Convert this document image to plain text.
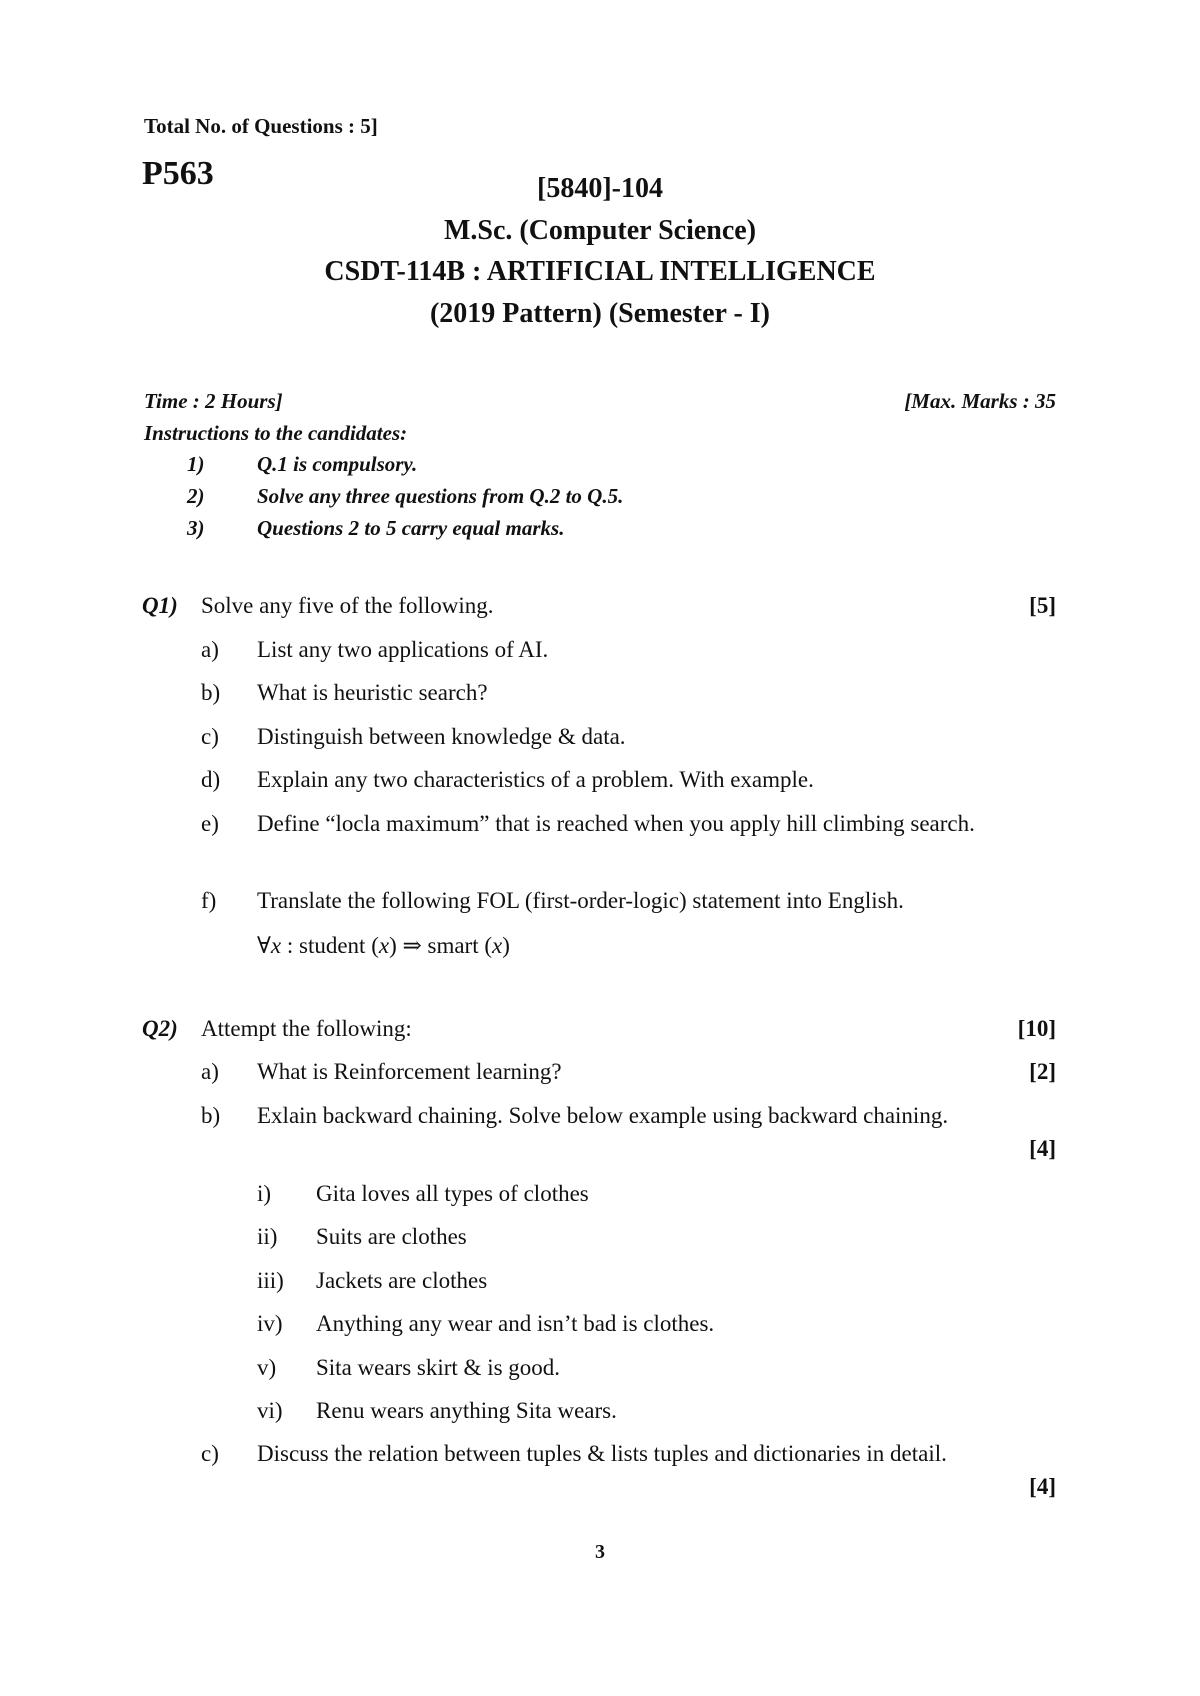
Total No. of Questions : 5]
P563	[5840]-104
M.Sc. (Computer Science)
CSDT-114B : ARTIFICIAL INTELLIGENCE
(2019 Pattern) (Semester - I)
Time : 2 Hours]	[Max. Marks : 35
Instructions to the candidates:
1)	Q.1 is compulsory.
2)	Solve any three questions from Q.2 to Q.5.
3)	Questions 2 to 5 carry equal marks.
Q1) Solve any five of the following.	[5]
a) List any two applications of AI.
b) What is heuristic search?
c) Distinguish between knowledge & data.
d) Explain any two characteristics of a problem. With example.
e) Define “locla maximum” that is reached when you apply hill climbing search.
f) Translate the following FOL (first-order-logic) statement into English.
∀x : student (x) ⇒ smart (x)
Q2) Attempt the following:	[10]
a) What is Reinforcement learning?	[2]
b) Exlain backward chaining. Solve below example using backward chaining.
[4]
i) Gita loves all types of clothes
ii) Suits are clothes
iii) Jackets are clothes
iv) Anything any wear and isn’t bad is clothes.
v) Sita wears skirt & is good.
vi) Renu wears anything Sita wears.
c) Discuss the relation between tuples & lists tuples and dictionaries in detail.
[4]
3
